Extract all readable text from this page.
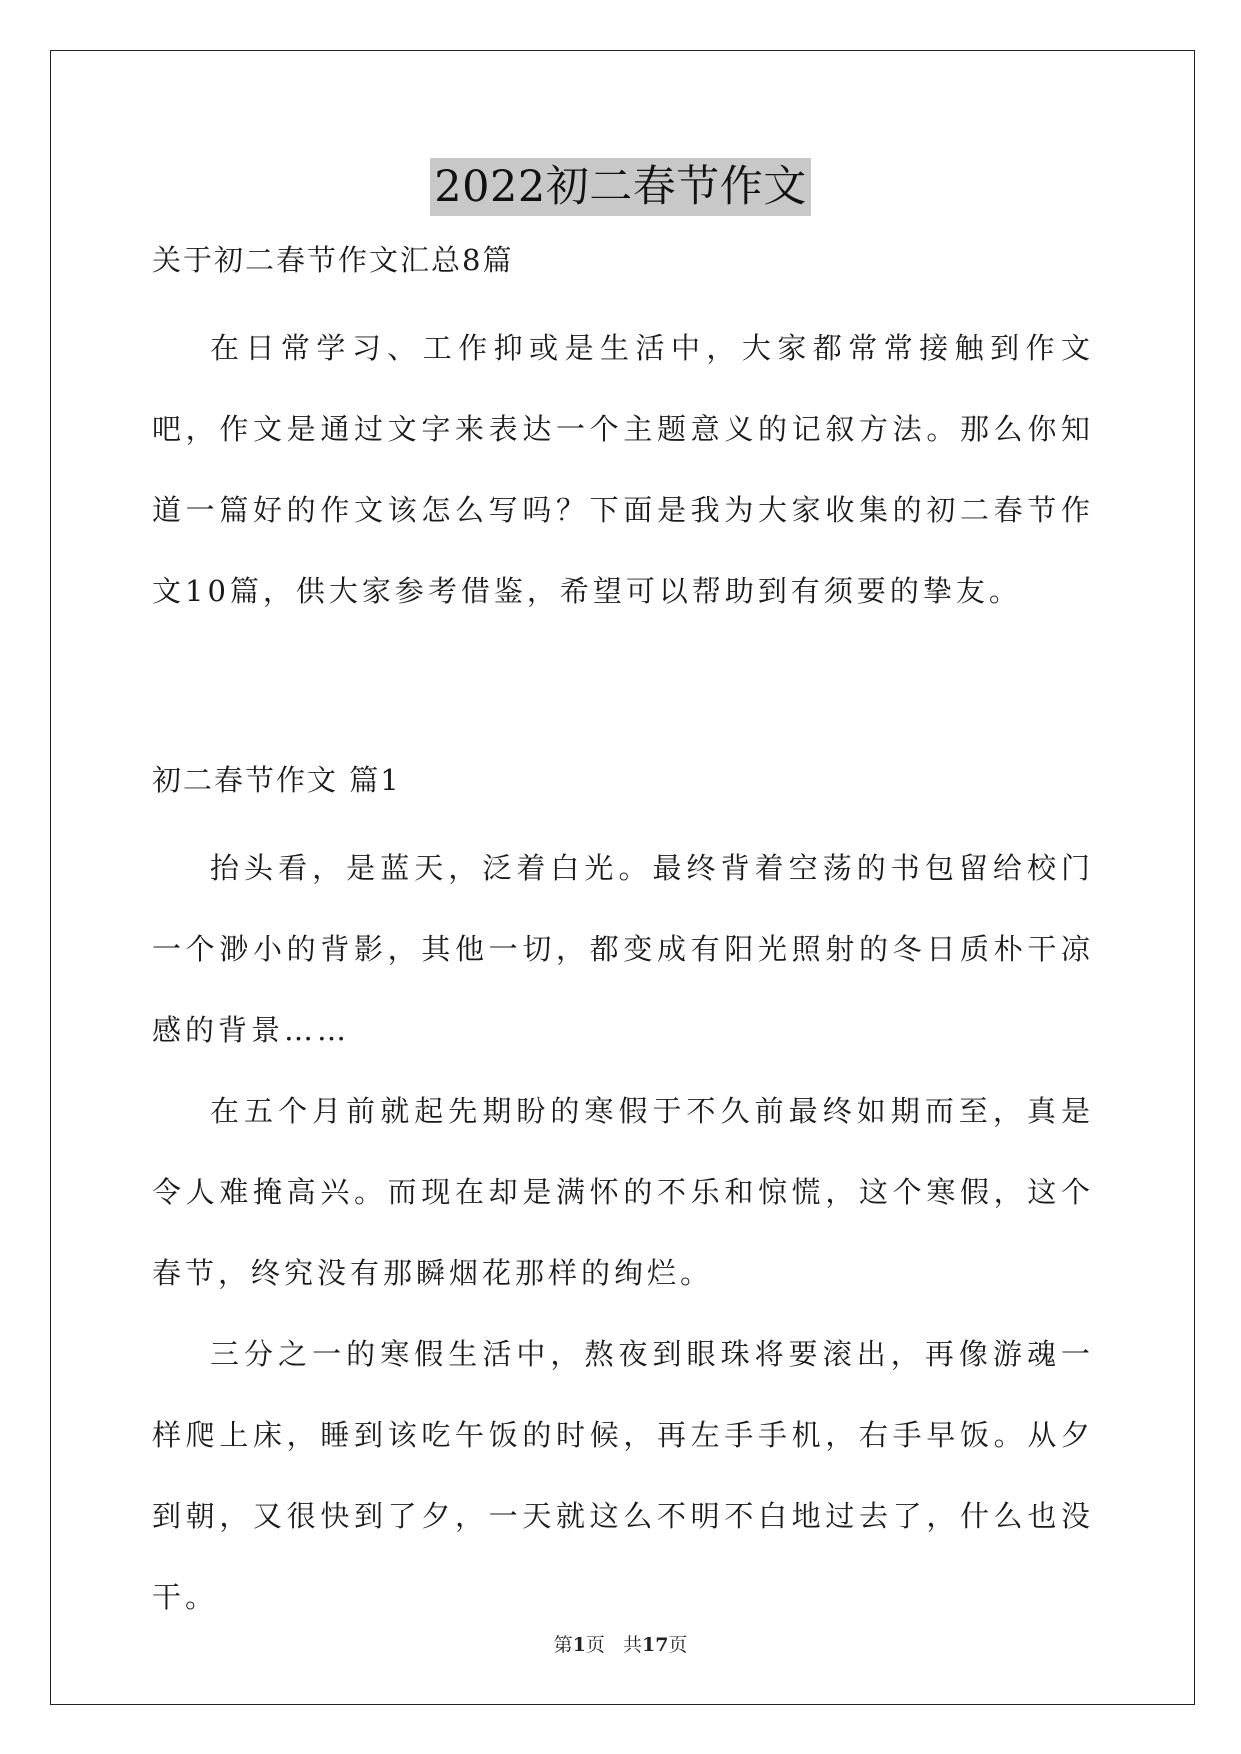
2022初二春节作文
关于初二春节作文汇总8篇

在日常学习、工作抑或是生活中，大家都常常接触到作文吧，作文是通过文字来表达一个主题意义的记叙方法。那么你知道一篇好的作文该怎么写吗？下面是我为大家收集的初二春节作文10篇，供大家参考借鉴，希望可以帮助到有须要的挚友。

初二春节作文 篇1

抬头看，是蓝天，泛着白光。最终背着空荡的书包留给校门一个渺小的背影，其他一切，都变成有阳光照射的冬日质朴干凉感的背景……

在五个月前就起先期盼的寒假于不久前最终如期而至，真是令人难掩高兴。而现在却是满怀的不乐和惊慌，这个寒假，这个春节，终究没有那瞬烟花那样的绚烂。

三分之一的寒假生活中，熬夜到眼珠将要滚出，再像游魂一样爬上床，睡到该吃午饭的时候，再左手手机，右手早饭。从夕到朝，又很快到了夕，一天就这么不明不白地过去了，什么也没干。

第1页 共17页
